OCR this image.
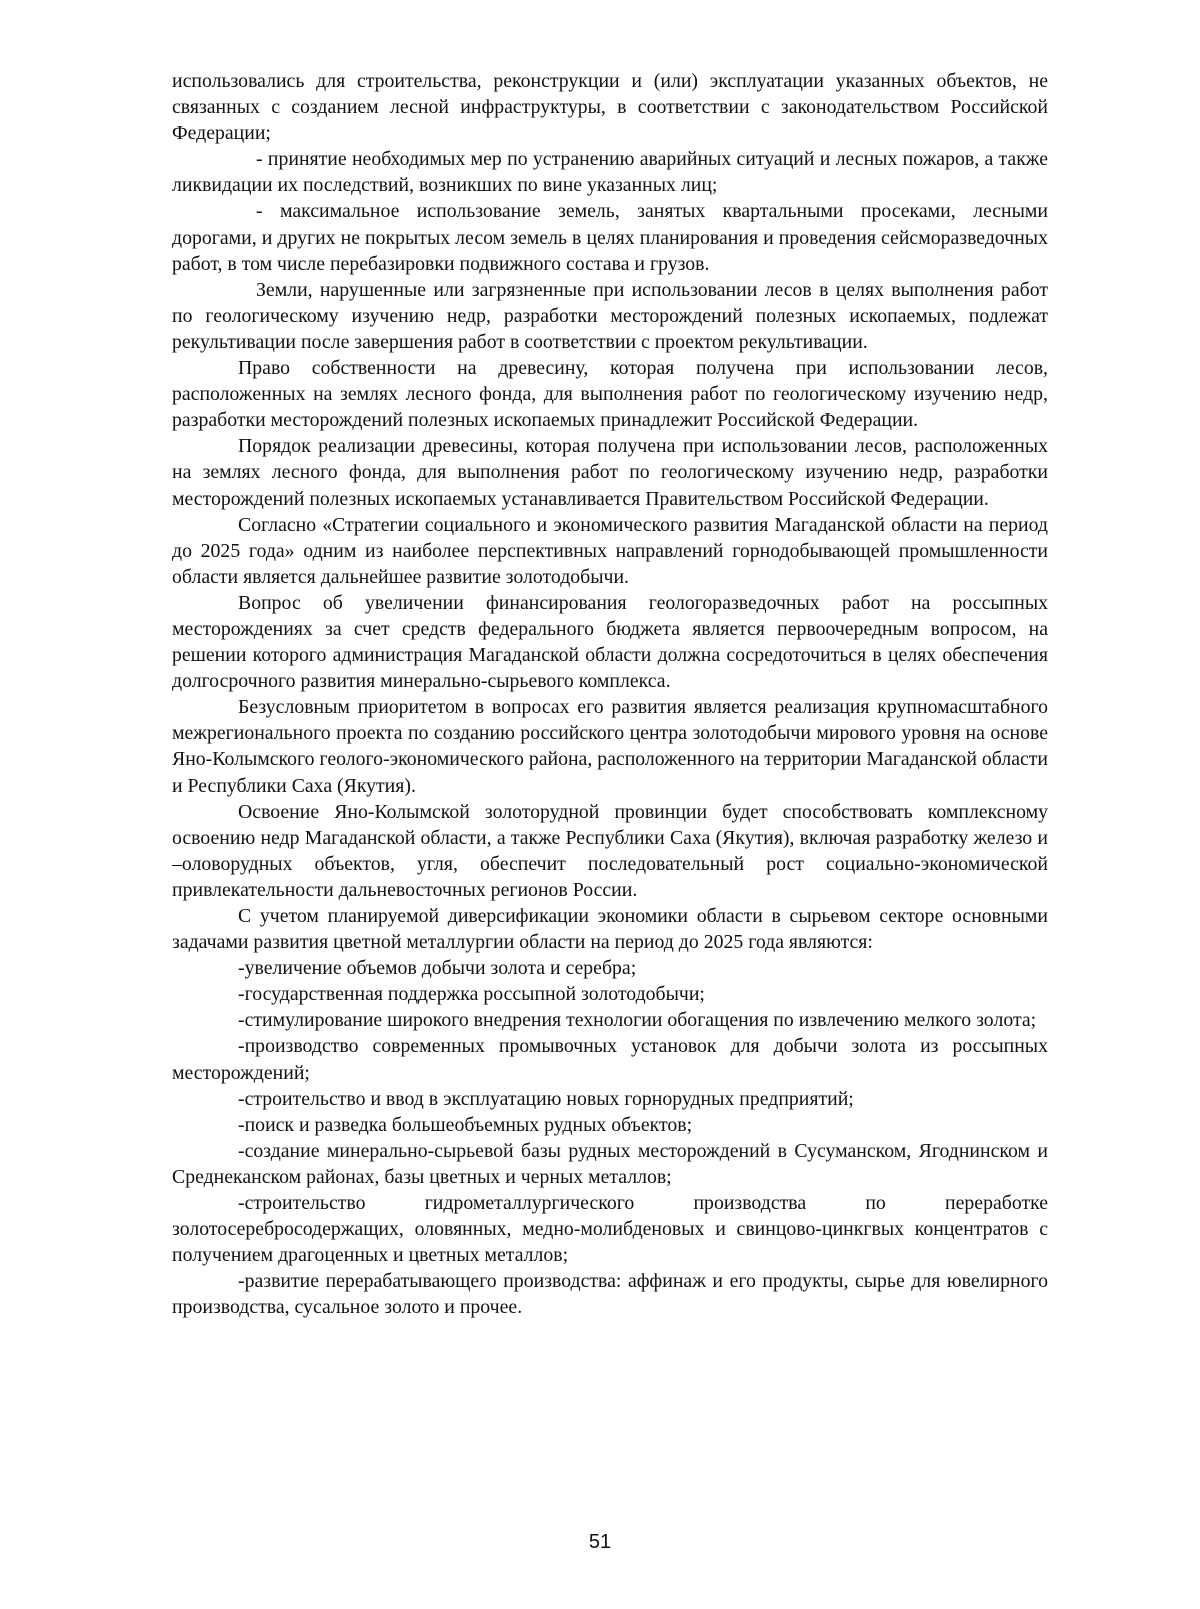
использовались для строительства, реконструкции и (или) эксплуатации указанных объектов, не связанных с созданием лесной инфраструктуры, в соответствии с законодательством Российской Федерации;

- принятие необходимых мер по устранению аварийных ситуаций и лесных пожаров, а также ликвидации их последствий, возникших по вине указанных лиц;

- максимальное использование земель, занятых квартальными просеками, лесными дорогами, и других не покрытых лесом земель в целях планирования и проведения сейсморазведочных работ, в том числе перебазировки подвижного состава и грузов.

Земли, нарушенные или загрязненные при использовании лесов в целях выполнения работ по геологическому изучению недр, разработки месторождений полезных ископаемых, подлежат рекультивации после завершения работ в соответствии с проектом рекультивации.

Право собственности на древесину, которая получена при использовании лесов, расположенных на землях лесного фонда, для выполнения работ по геологическому изучению недр, разработки месторождений полезных ископаемых принадлежит Российской Федерации.

Порядок реализации древесины, которая получена при использовании лесов, расположенных на землях лесного фонда, для выполнения работ по геологическому изучению недр, разработки месторождений полезных ископаемых устанавливается Правительством Российской Федерации.

Согласно «Стратегии социального и экономического развития Магаданской области на период до 2025 года» одним из наиболее перспективных направлений горнодобывающей промышленности области является дальнейшее развитие золотодобычи.

Вопрос об увеличении финансирования геологоразведочных работ на россыпных месторождениях за счет средств федерального бюджета является первоочередным вопросом, на решении которого администрация Магаданской области должна сосредоточиться в целях обеспечения долгосрочного развития минерально-сырьевого комплекса.

Безусловным приоритетом в вопросах его развития является реализация крупномасштабного межрегионального проекта по созданию российского центра золотодобычи мирового уровня на основе Яно-Колымского геолого-экономического района, расположенного на территории Магаданской области и Республики Саха (Якутия).

Освоение Яно-Колымской золоторудной провинции будет способствовать комплексному освоению недр Магаданской области, а также Республики Саха (Якутия), включая разработку железо и –оловорудных объектов, угля, обеспечит последовательный рост социально-экономической привлекательности дальневосточных регионов России.

С учетом планируемой диверсификации экономики области в сырьевом секторе основными задачами развития цветной металлургии области на период до 2025 года являются:

-увеличение объемов добычи золота и серебра;

-государственная поддержка россыпной золотодобычи;

-стимулирование широкого внедрения технологии обогащения по извлечению мелкого золота;

-производство современных промывочных установок для добычи золота из россыпных месторождений;

-строительство и ввод в эксплуатацию новых горнорудных предприятий;

-поиск и разведка большеобъемных рудных объектов;

-создание минерально-сырьевой базы рудных месторождений в Сусуманском, Ягоднинском и Среднеканском районах, базы цветных и черных металлов;

-строительство гидрометаллургического производства по переработке золотосереброcодержащих, оловянных, медно-молибденовых и свинцово-цинкгвых концентратов с получением драгоценных и цветных металлов;

-развитие перерабатывающего производства: аффинаж и его продукты, сырье для ювелирного производства, сусальное золото и прочее.

51
